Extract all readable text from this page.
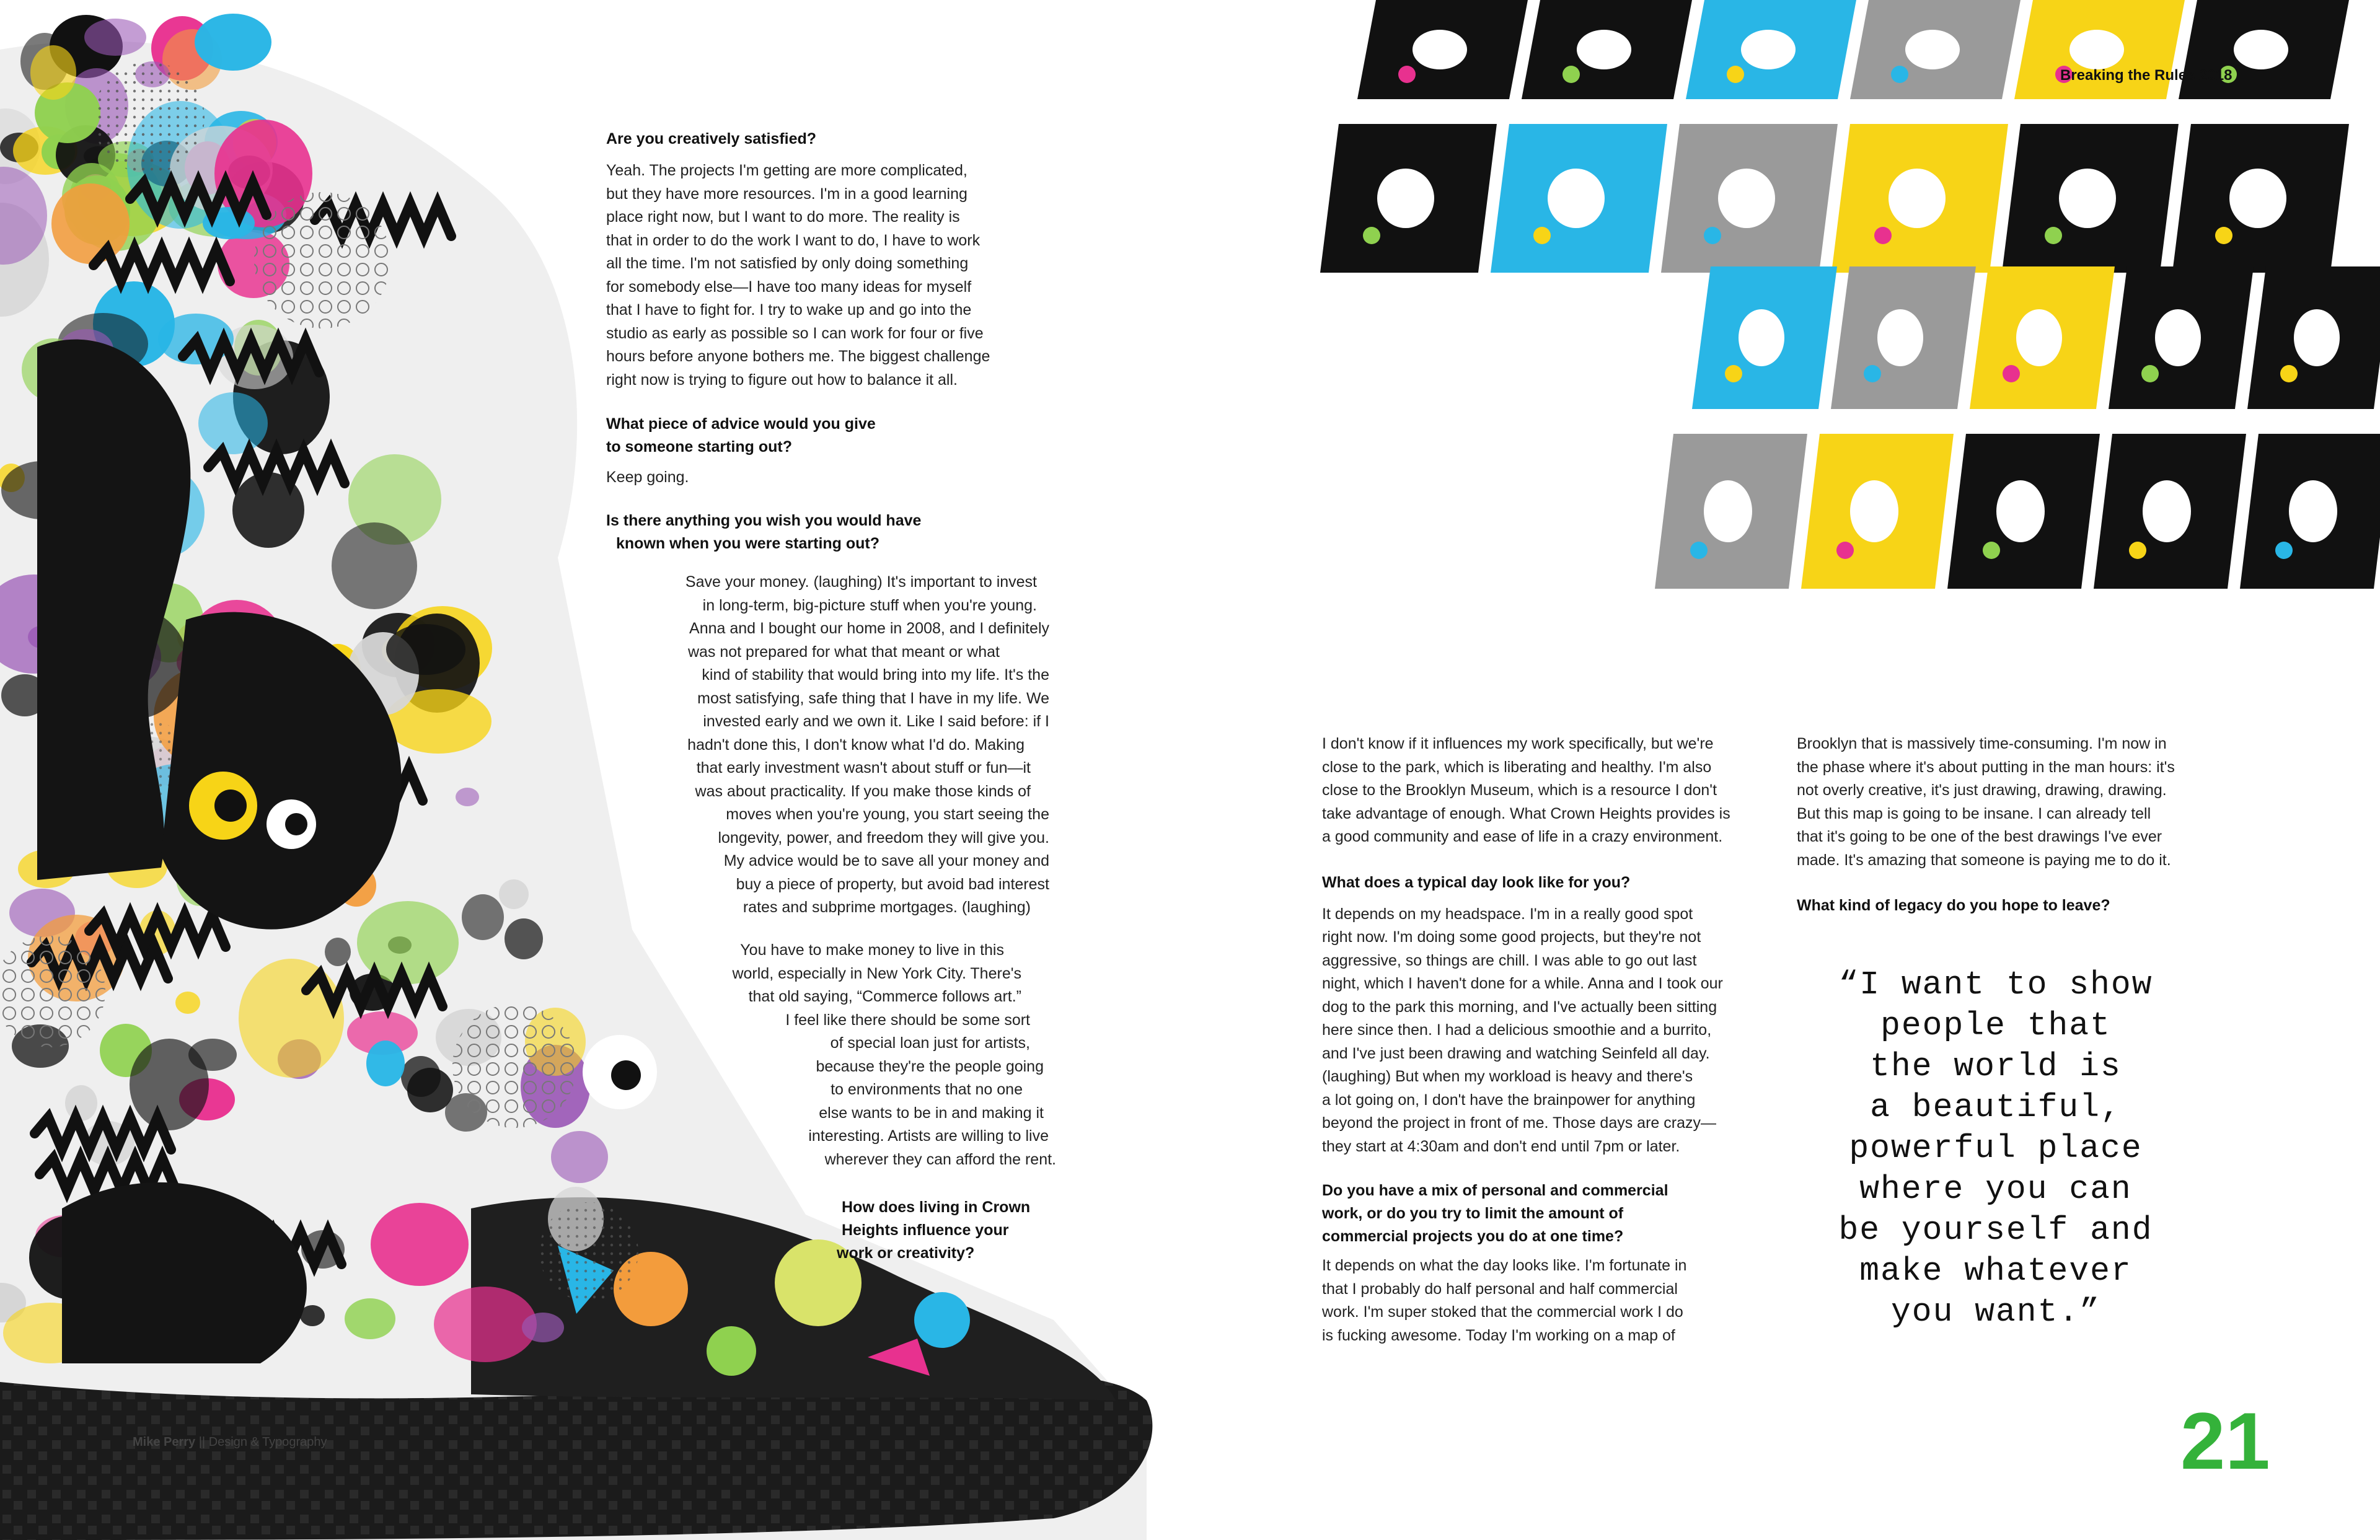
Breaking the Rules 2018
Mike Perry || Design & Typography	21

Are you creatively satisfied?

Yeah. The projects I'm getting are more complicated,

but they have more resources. I'm in a good learning

place right now, but I want to do more. The reality is

that in order to do the work I want to do, I have to work

all the time. I'm not satisfied by only doing something

for somebody else—I have too many ideas for myself

that I have to fight for. I try to wake up and go into the

studio as early as possible so I can work for four or five

hours before anyone bothers me. The biggest challenge

right now is trying to figure out how to balance it all.

What piece of advice would you give

to someone starting out?

Keep going.

Is there anything you wish you would have

known when you were starting out?

Save your money. (laughing) It's important to invest

in long-term, big-picture stuff when you're young.

Anna and I bought our home in 2008, and I definitely

was not prepared for what that meant or what

kind of stability that would bring into my life. It's the

most satisfying, safe thing that I have in my life. We

invested early and we own it. Like I said before: if I

hadn't done this, I don't know what I'd do. Making

that early investment wasn't about stuff or fun—it

was about practicality. If you make those kinds of

moves when you're young, you start seeing the

longevity, power, and freedom they will give you.

My advice would be to save all your money and

buy a piece of property, but avoid bad interest

rates and subprime mortgages. (laughing)

You have to make money to live in this

world, especially in New York City. There's

that old saying, “Commerce follows art.”

I feel like there should be some sort

of special loan just for artists,

because they're the people going

to environments that no one

else wants to be in and making it

interesting. Artists are willing to live

wherever they can afford the rent.

How does living in Crown

Heights influence your

work or creativity?

I don't know if it influences my work specifically, but we're

close to the park, which is liberating and healthy. I'm also

close to the Brooklyn Museum, which is a resource I don't

take advantage of enough. What Crown Heights provides is

a good community and ease of life in a crazy environment.

What does a typical day look like for you?

It depends on my headspace. I'm in a really good spot

right now. I'm doing some good projects, but they're not

aggressive, so things are chill. I was able to go out last

night, which I haven't done for a while. Anna and I took our

dog to the park this morning, and I've actually been sitting

here since then. I had a delicious smoothie and a burrito,

and I've just been drawing and watching Seinfeld all day.

(laughing) But when my workload is heavy and there's

a lot going on, I don't have the brainpower for anything

beyond the project in front of me. Those days are crazy—

they start at 4:30am and don't end until 7pm or later.

Do you have a mix of personal and commercial

work, or do you try to limit the amount of

commercial projects you do at one time?

It depends on what the day looks like. I'm fortunate in

that I probably do half personal and half commercial

work. I'm super stoked that the commercial work I do

is fucking awesome. Today I'm working on a map of

Brooklyn that is massively time-consuming. I'm now in

the phase where it's about putting in the man hours: it's

not overly creative, it's just drawing, drawing, drawing.

But this map is going to be insane. I can already tell

that it's going to be one of the best drawings I've ever

made. It's amazing that someone is paying me to do it.

What kind of legacy do you hope to leave?

“I want to show
people that
the world is
a beautiful,
powerful place
where you can
be yourself and
make whatever
you want.”
